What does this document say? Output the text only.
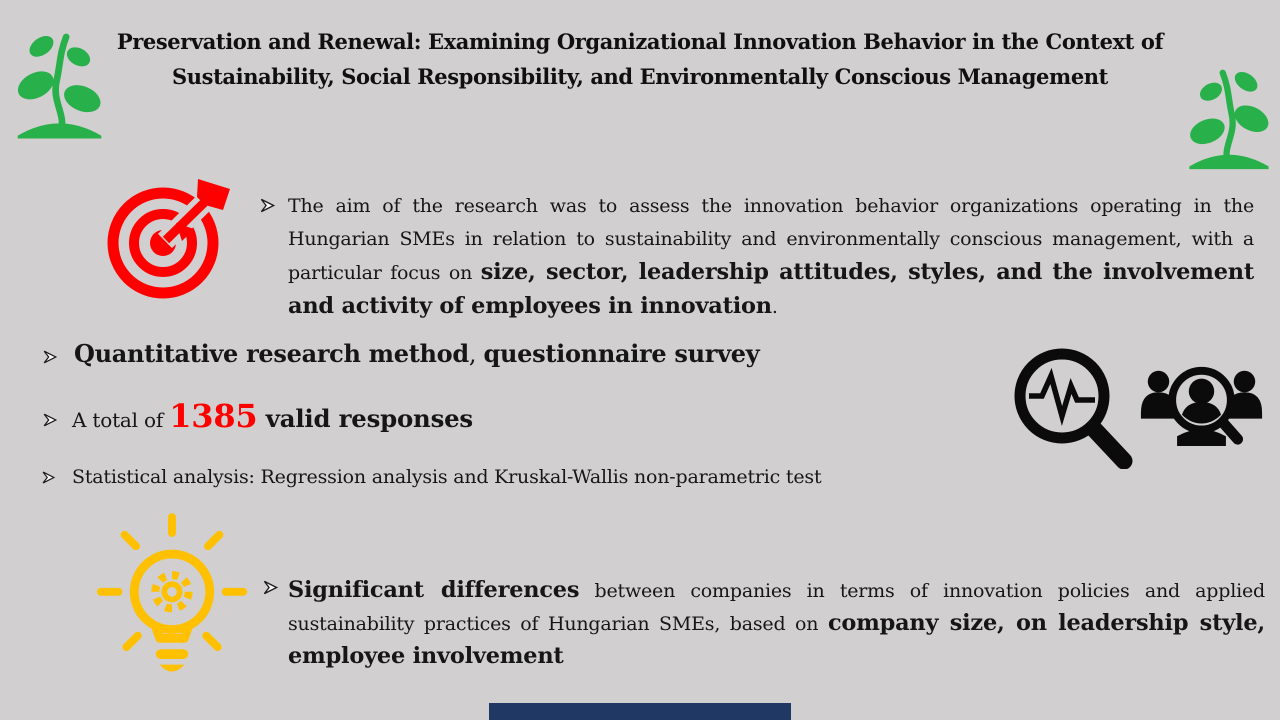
Preservation and Renewal: Examining Organizational Innovation Behavior in the Context of
Sustainability, Social Responsibility, and Environmentally Conscious Management
The aim of the research was to assess the innovation behavior organizations operating in the Hungarian SMEs in relation to sustainability and environmentally conscious management, with a particular focus on size, sector, leadership attitudes, styles, and the involvement and activity of employees in innovation.
Quantitative research method, questionnaire survey
A total of 1385 valid responses
Statistical analysis: Regression analysis and Kruskal-Wallis non-parametric test
Significant differences between companies in terms of innovation policies and applied sustainability practices of Hungarian SMEs, based on company size, on leadership style, employee involvement
